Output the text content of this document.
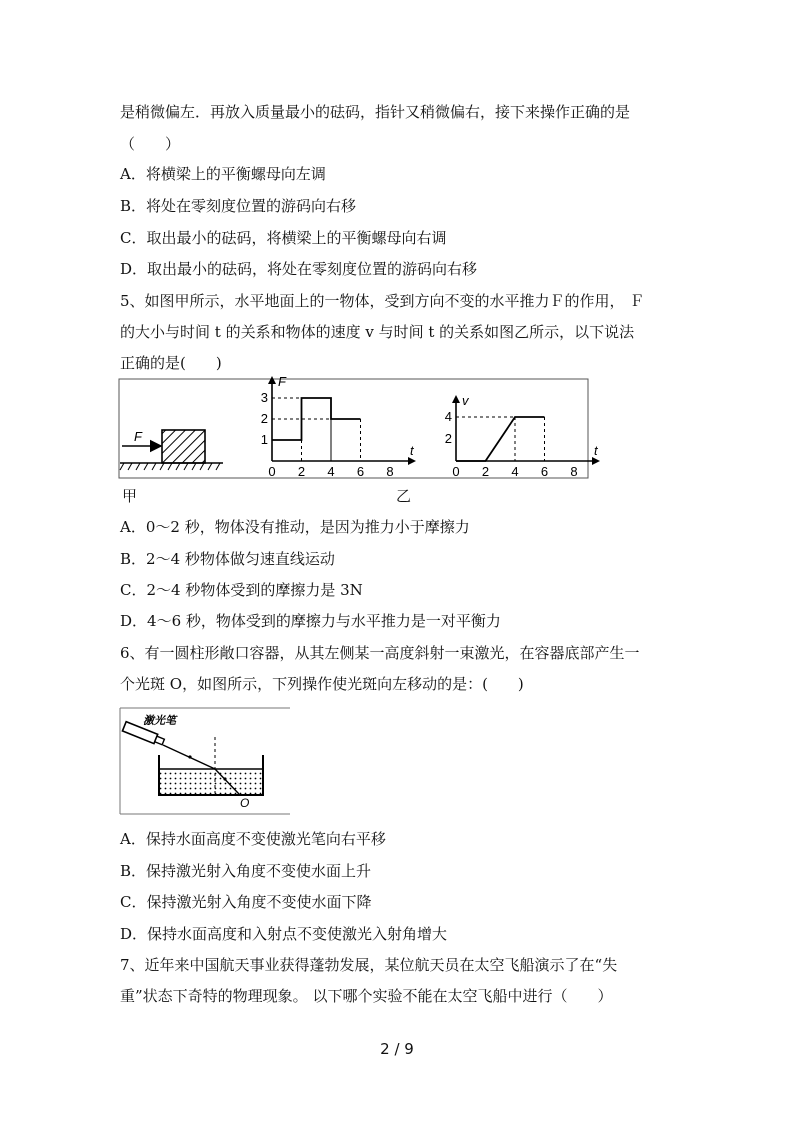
是稍微偏左．再放入质量最小的砝码，指针又稍微偏右，接下来操作正确的是
（　　）
A．将横梁上的平衡螺母向左调
B．将处在零刻度位置的游码向右移
C．取出最小的砝码，将横梁上的平衡螺母向右调
D．取出最小的砝码，将处在零刻度位置的游码向右移
5、如图甲所示，水平地面上的一物体，受到方向不变的水平推力Ｆ的作用， Ｆ
的大小与时间 t 的关系和物体的速度 v 与时间 t 的关系如图乙所示，以下说法
正确的是(　　)
F
F
t
0 2 4 6 8
1
2
3	v
t
0 2 4 6 8
2
4
甲	乙
A．0～2 秒，物体没有推动，是因为推力小于摩擦力
B．2～4 秒物体做匀速直线运动
C．2～4 秒物体受到的摩擦力是 3N
D．4～6 秒，物体受到的摩擦力与水平推力是一对平衡力
6、有一圆柱形敞口容器，从其左侧某一高度斜射一束激光，在容器底部产生一
个光斑 O，如图所示，下列操作使光斑向左移动的是：(　　)
激光笔
O
A．保持水面高度不变使激光笔向右平移
B．保持激光射入角度不变使水面上升
C．保持激光射入角度不变使水面下降
D．保持水面高度和入射点不变使激光入射角增大
7、近年来中国航天事业获得蓬勃发展，某位航天员在太空飞船演示了在“失
重”状态下奇特的物理现象。 以下哪个实验不能在太空飞船中进行（　　）
2 / 9
